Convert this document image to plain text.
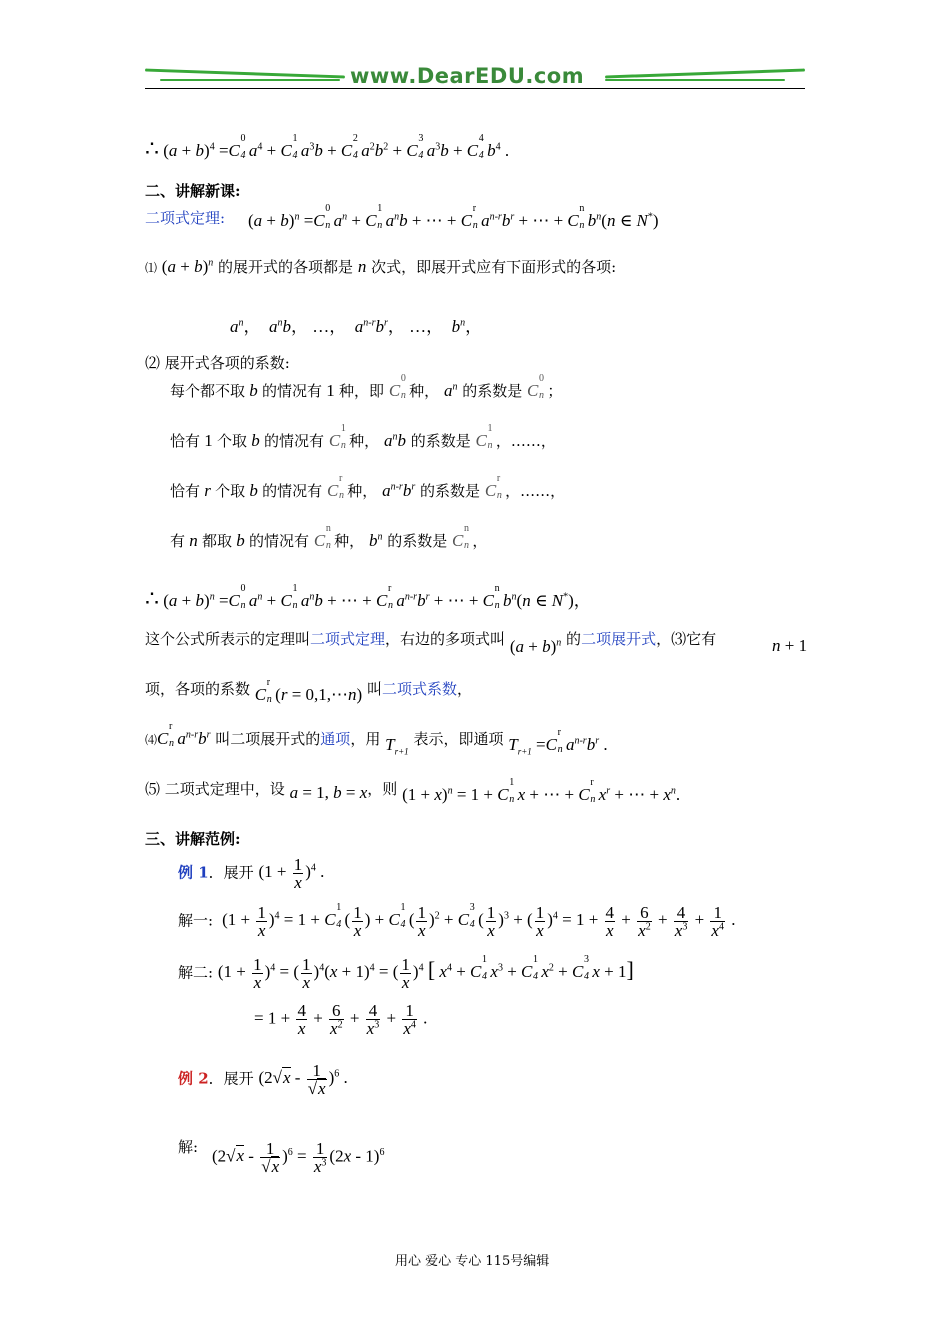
www.DearEDU.com
∴ $(a + b)^4 =C$
0
4 $a^4 + C$
1
4 $a^3b + C$
2
4 $a^2b^2 + C$
3
4 $a^3b + C$
4
4 $b^4$ .
二、讲解新课:
二项式定理: $(a + b)^n =C$
0
n $a^n + C$
1
n $a^nb$ + ⋯ + C
r
n $a^{n-r}b^r$ + ⋯ + C
n
n $b^n(n$ ∈ N*)
⑴ $(a + b)^n$ 的展开式的各项都是 n 次式，即展开式应有下面形式的各项:
$a^n$，  $a^nb$， …，  $a^{n-r}b^r$， …，  $b^n$，
⑵ 展开式各项的系数:
每个都不取 b 的情况有 1 种，即 C
0
n 种， $a^n$ 的系数是 C
0
n ；
恰有 1 个取 b 的情况有 C
1
n 种， $a^nb$ 的系数是 C
1
n ，……，
恰有 r 个取 b 的情况有 C
r
n 种， $a^{n-r}b^r$ 的系数是 C
r
n ，……，
有 n 都取 b 的情况有 C
n
n 种， $b^n$ 的系数是 C
n
n ，
∴ $(a + b)^n =C$
0
n $a^n + C$
1
n $a^nb$ + ⋯ + C
r
n $a^{n-r}b^r$ + ⋯ + C
n
n $b^n(n$ ∈ N*)，
这个公式所表示的定理叫二项式定理，右边的多项式叫 $(a + b)^n$ 的二项展开式，⑶它有	n + 1
项，各项的系数 C
r
n (r = 0,1,⋯n) 叫二项式系数，
⑷C
r
n $a^{n-r}b^r$ 叫二项展开式的通项，用 $T_{r+1}$ 表示，即通项 $T_{r+1} =C$
r
n $a^{n-r}b^r$ .
⑸ 二项式定理中，设 a = 1, b = x，则 $(1 + x)^n = 1 + C$
1
n x + ⋯ + C
r
n $x^r$ + ⋯ + $x^n$.
三、讲解范例:
例 1．展开 $(1 + \frac{1}{x} )^4$ .
解一:  $(1 + \frac{1}{x} )^4 = 1 + C$
1
4 ( $\frac{1}{x}$ ) + C
1
4 ( $\frac{1}{x} )^2 + C$
3
4 ( $\frac{1}{x} )^3$ + ( $\frac{1}{x} )^4 = 1 + \frac{4}{x} + \frac{6}{x^2} + \frac{4}{x^3} + \frac{1}{x^4}$ .
解二: $(1 + \frac{1}{x} )^4$ = ( $\frac{1}{x} )^4(x + 1)^4$ = ( $\frac{1}{x} )^4$ [ $x^4 + C$
1
4 $x^3 + C$
1
4 $x^2 + C$
3
4 x + 1]
= $1 + \frac{4}{x} + \frac{6}{x^2} + \frac{4}{x^3} + \frac{1}{x^4}$ .
例 2．展开 $(2√x - \frac{1}{√x} )^6$ .
解: $(2√x - \frac{1}{√x} )^6 = \frac{1}{x^3} (2x - 1)^6$
用心 爱心 专心 115号编辑
